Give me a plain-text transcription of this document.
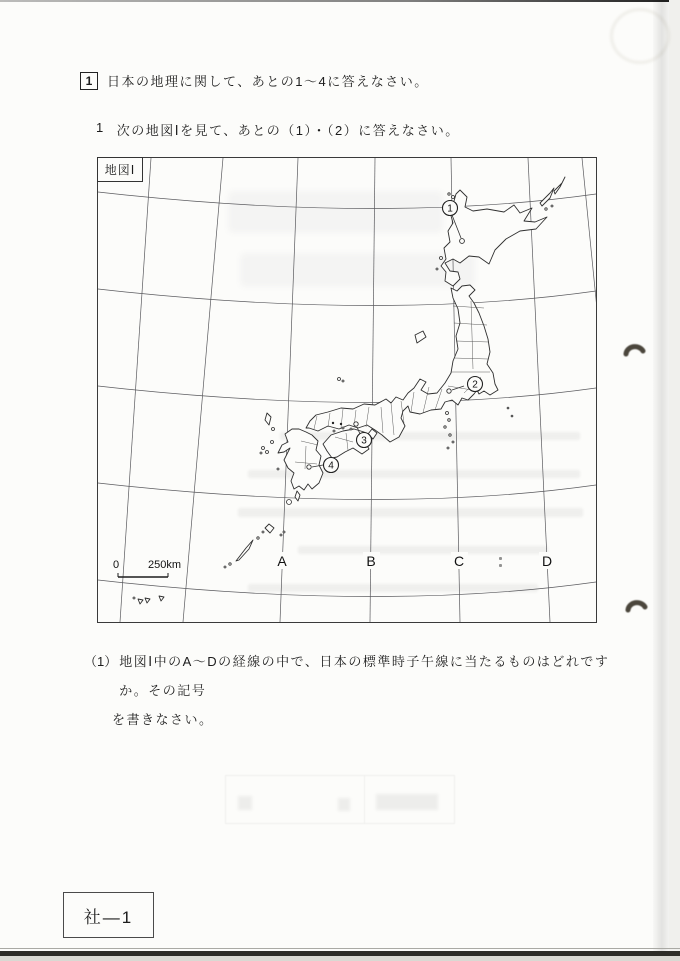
1 日本の地理に関して、あとの1～4に答えなさい。
1 次の地図Ⅰを見て、あとの（1）・（2）に答えなさい。
1
2
3
4
A	B	C	D
0	250km
地図Ⅰ
（1） 地図Ⅰ中のA～Dの経線の中で、日本の標準時子午線に当たるものはどれですか。その記号
を書きなさい。
社―1
